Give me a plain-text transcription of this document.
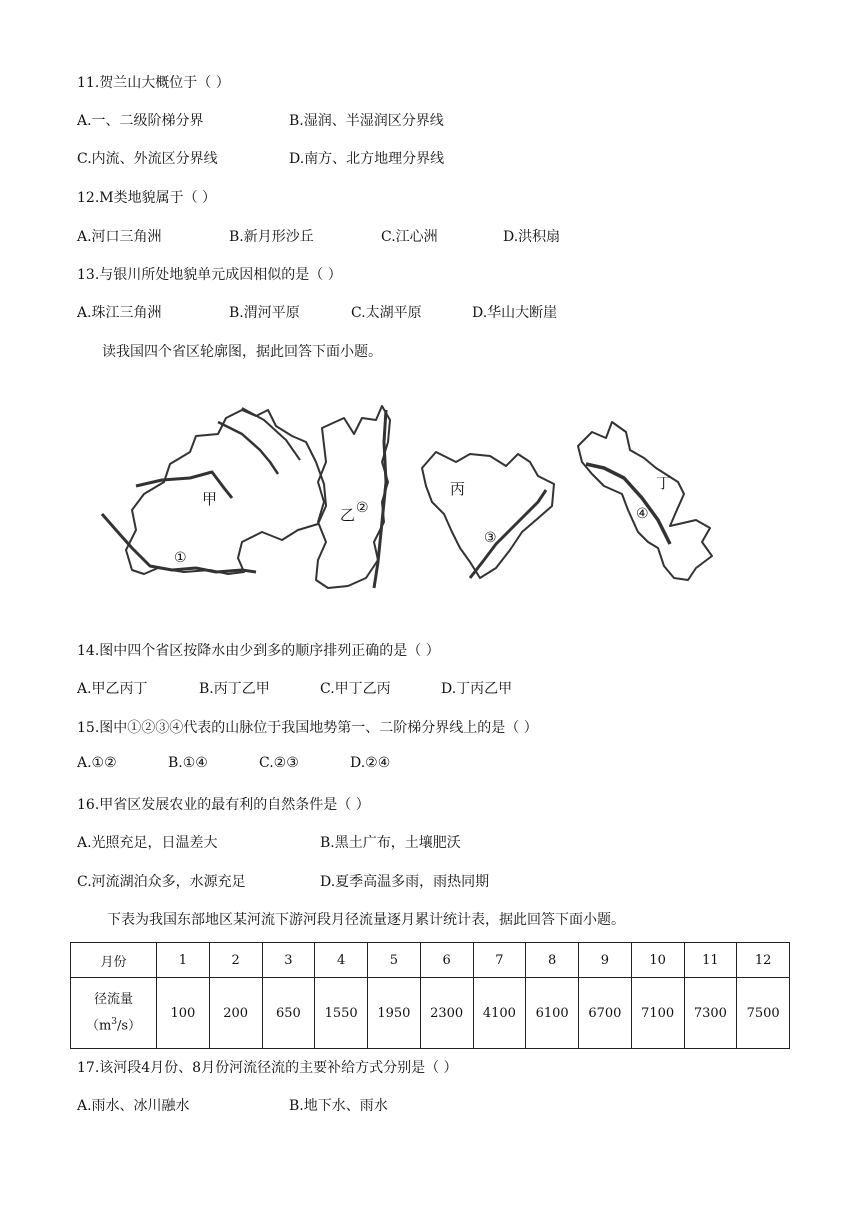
11.贺兰山大概位于（ ）
A.一、二级阶梯分界	B.湿润、半湿润区分界线
C.内流、外流区分界线	D.南方、北方地理分界线
12.M类地貌属于（ ）
A.河口三角洲	B.新月形沙丘	C.江心洲	D.洪积扇
13.与银川所处地貌单元成因相似的是（ ）
A.珠江三角洲	B.渭河平原	C.太湖平原	D.华山大断崖
读我国四个省区轮廓图，据此回答下面小题。
甲
①
乙 ②
丙
③
丁
④
14.图中四个省区按降水由少到多的顺序排列正确的是（ ）
A.甲乙丙丁	B.丙丁乙甲	C.甲丁乙丙	D.丁丙乙甲
15.图中①②③④代表的山脉位于我国地势第一、二阶梯分界线上的是（ ）
A.①②	B.①④	C.②③	D.②④
16.甲省区发展农业的最有利的自然条件是（ ）
A.光照充足，日温差大	B.黑土广布，土壤肥沃
C.河流湖泊众多，水源充足	D.夏季高温多雨，雨热同期
下表为我国东部地区某河流下游河段月径流量逐月累计统计表，据此回答下面小题。
月份	1	2	3	4	5	6	7	8	9	10	11	12

径流量
$(m^3/s)$	100	200	650	1550	1950	2300	4100	6100	6700	7100	7300	7500
17.该河段4月份、8月份河流径流的主要补给方式分别是（ ）
A.雨水、冰川融水	B.地下水、雨水
